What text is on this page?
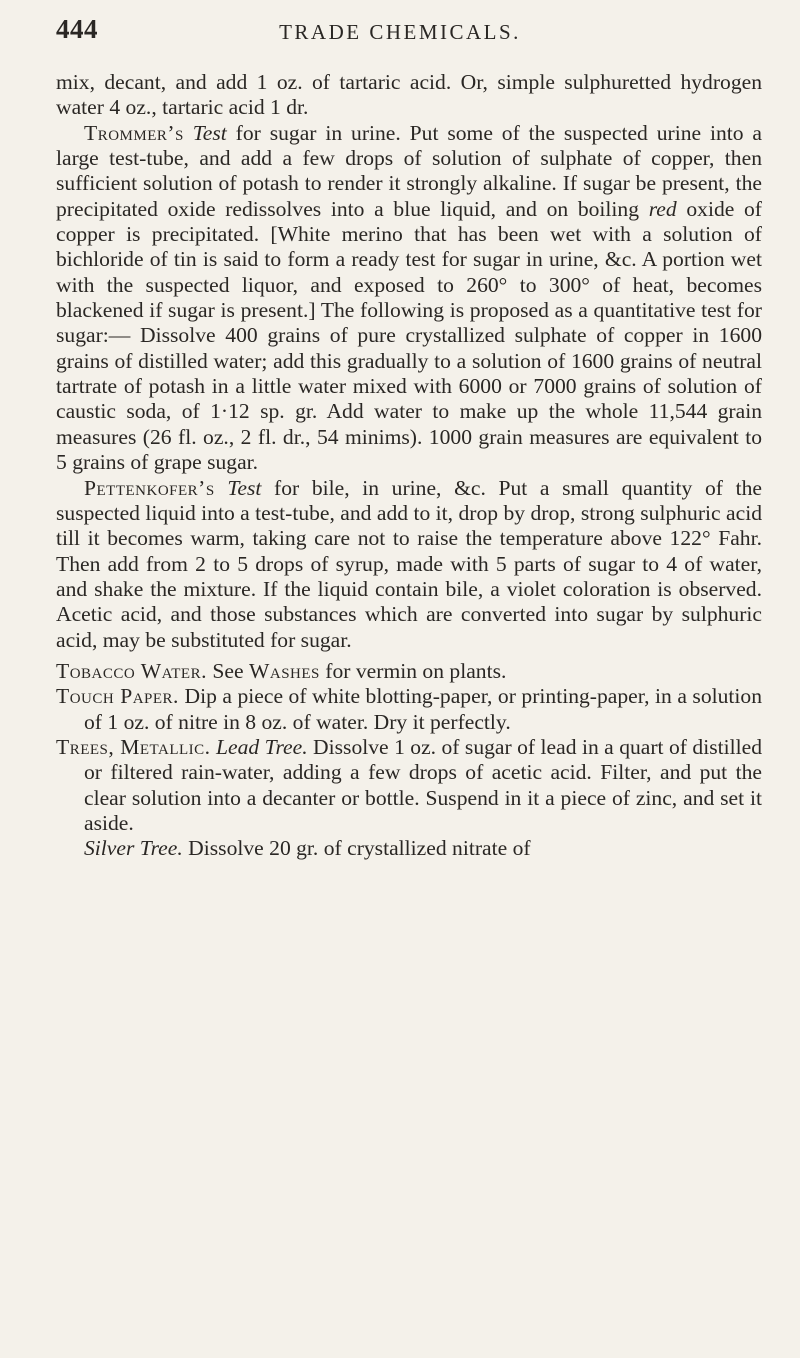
444	TRADE CHEMICALS.

mix, decant, and add 1 oz. of tartaric acid. Or, simple sulphuretted hydrogen water 4 oz., tartaric acid 1 dr.

Trommer’s Test for sugar in urine. Put some of the suspected urine into a large test-tube, and add a few drops of solution of sulphate of copper, then sufficient solution of potash to render it strongly alkaline. If sugar be present, the precipitated oxide redissolves into a blue liquid, and on boiling red oxide of copper is precipitated. [White merino that has been wet with a solution of bichloride of tin is said to form a ready test for sugar in urine, &c. A portion wet with the suspected liquor, and exposed to 260° to 300° of heat, becomes blackened if sugar is present.] The following is proposed as a quantitative test for sugar:— Dissolve 400 grains of pure crystallized sulphate of copper in 1600 grains of distilled water; add this gradually to a solution of 1600 grains of neutral tartrate of potash in a little water mixed with 6000 or 7000 grains of solution of caustic soda, of 1·12 sp. gr. Add water to make up the whole 11,544 grain measures (26 fl. oz., 2 fl. dr., 54 minims). 1000 grain measures are equivalent to 5 grains of grape sugar.

Pettenkofer’s Test for bile, in urine, &c. Put a small quantity of the suspected liquid into a test-tube, and add to it, drop by drop, strong sulphuric acid till it becomes warm, taking care not to raise the temperature above 122° Fahr. Then add from 2 to 5 drops of syrup, made with 5 parts of sugar to 4 of water, and shake the mixture. If the liquid contain bile, a violet coloration is observed. Acetic acid, and those substances which are converted into sugar by sulphuric acid, may be substituted for sugar.

Tobacco Water. See Washes for vermin on plants.

Touch Paper. Dip a piece of white blotting-paper, or printing-paper, in a solution of 1 oz. of nitre in 8 oz. of water. Dry it perfectly.

Trees, Metallic. Lead Tree. Dissolve 1 oz. of sugar of lead in a quart of distilled or filtered rain-water, adding a few drops of acetic acid. Filter, and put the clear solution into a decanter or bottle. Suspend in it a piece of zinc, and set it aside.

Silver Tree. Dissolve 20 gr. of crystallized nitrate of
